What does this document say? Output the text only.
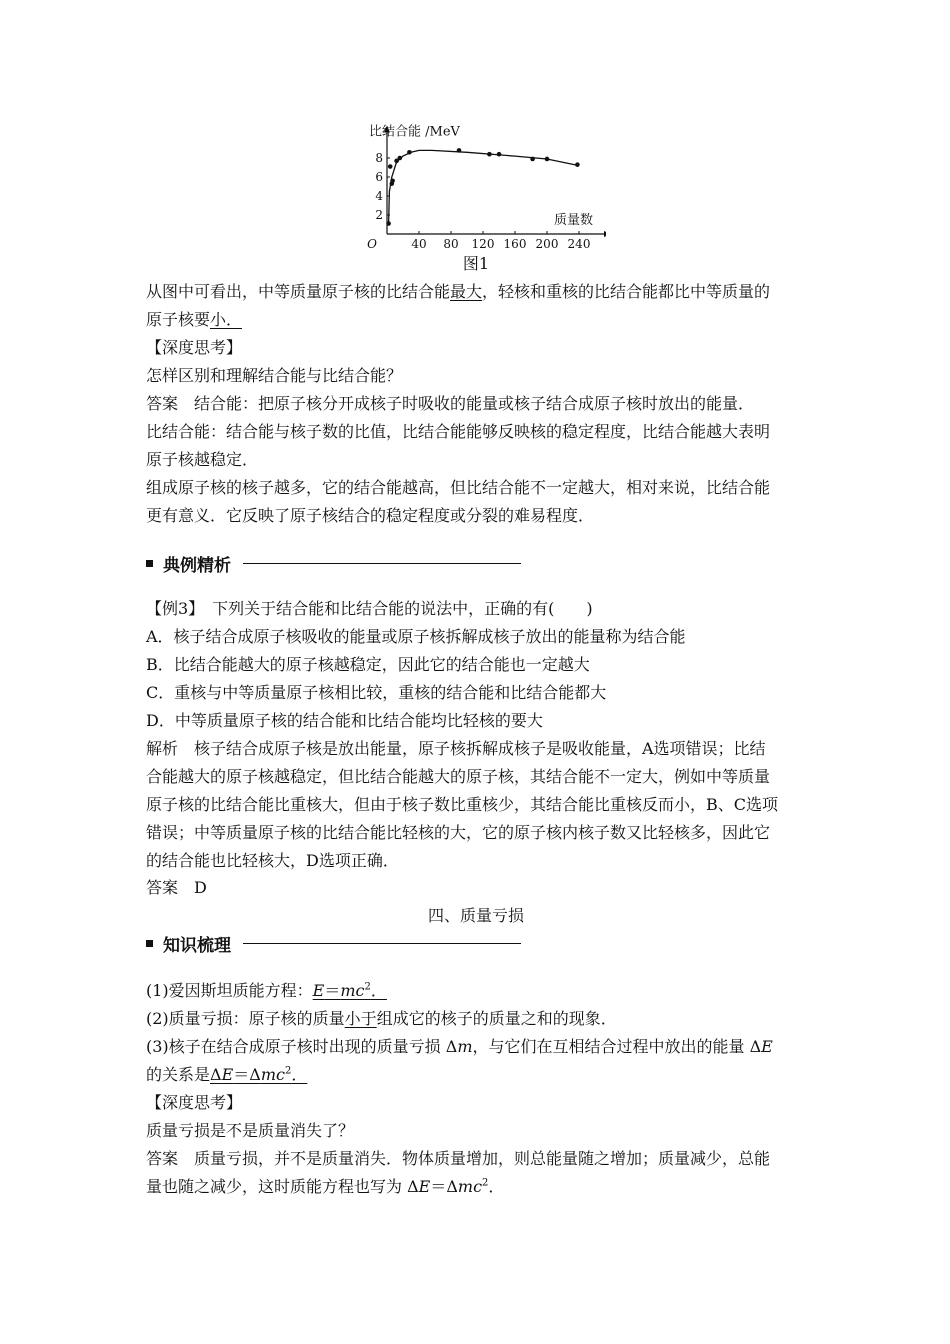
40 80 120 160 200 240
2
4
6
8
O
比结合能 /MeV
质量数
图1
从图中可看出，中等质量原子核的比结合能最大，轻核和重核的比结合能都比中等质量的
原子核要小．
【深度思考】
怎样区别和理解结合能与比结合能？
答案　结合能：把原子核分开成核子时吸收的能量或核子结合成原子核时放出的能量．
比结合能：结合能与核子数的比值，比结合能能够反映核的稳定程度，比结合能越大表明
原子核越稳定．
组成原子核的核子越多，它的结合能越高，但比结合能不一定越大，相对来说，比结合能
更有意义．它反映了原子核结合的稳定程度或分裂的难易程度．
典例精析
【例3】　下列关于结合能和比结合能的说法中，正确的有(　　)
A．核子结合成原子核吸收的能量或原子核拆解成核子放出的能量称为结合能
B．比结合能越大的原子核越稳定，因此它的结合能也一定越大
C．重核与中等质量原子核相比较，重核的结合能和比结合能都大
D．中等质量原子核的结合能和比结合能均比轻核的要大
解析　核子结合成原子核是放出能量，原子核拆解成核子是吸收能量，A选项错误；比结
合能越大的原子核越稳定，但比结合能越大的原子核，其结合能不一定大，例如中等质量
原子核的比结合能比重核大，但由于核子数比重核少，其结合能比重核反而小，B、C选项
错误；中等质量原子核的比结合能比轻核的大，它的原子核内核子数又比轻核多，因此它
的结合能也比轻核大，D选项正确．
答案　D
四、质量亏损
知识梳理
(1)爱因斯坦质能方程：$E=mc^2$．
(2)质量亏损：原子核的质量小于组成它的核子的质量之和的现象．
(3)核子在结合成原子核时出现的质量亏损 Δm，与它们在互相结合过程中放出的能量 ΔE
的关系是ΔE＝Δmc$^2$．
【深度思考】
质量亏损是不是质量消失了？
答案　质量亏损，并不是质量消失．物体质量增加，则总能量随之增加；质量减少，总能
量也随之减少，这时质能方程也写为 ΔE＝Δmc$^2$．
